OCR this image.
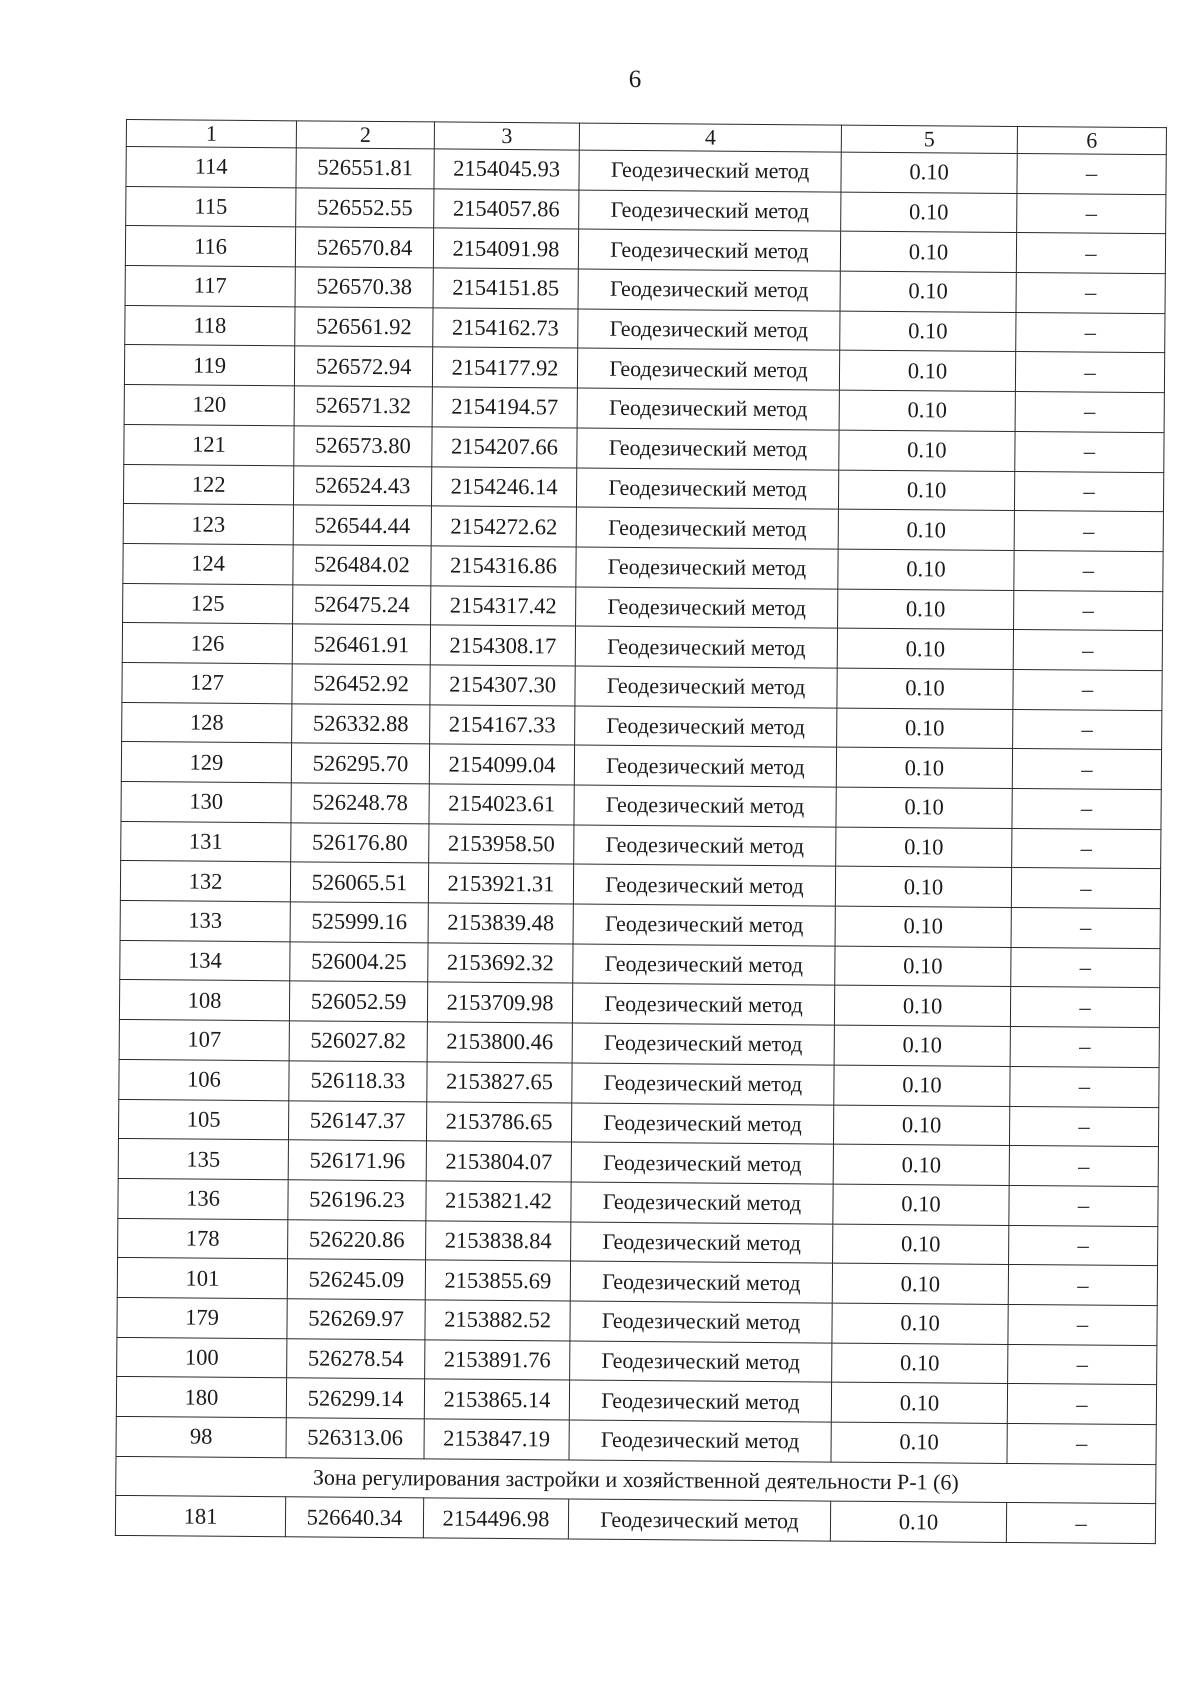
6
1	2	3	4	5	6
114	526551.81	2154045.93	Геодезический метод	0.10	–
115	526552.55	2154057.86	Геодезический метод	0.10	–
116	526570.84	2154091.98	Геодезический метод	0.10	–
117	526570.38	2154151.85	Геодезический метод	0.10	–
118	526561.92	2154162.73	Геодезический метод	0.10	–
119	526572.94	2154177.92	Геодезический метод	0.10	–
120	526571.32	2154194.57	Геодезический метод	0.10	–
121	526573.80	2154207.66	Геодезический метод	0.10	–
122	526524.43	2154246.14	Геодезический метод	0.10	–
123	526544.44	2154272.62	Геодезический метод	0.10	–
124	526484.02	2154316.86	Геодезический метод	0.10	–
125	526475.24	2154317.42	Геодезический метод	0.10	–
126	526461.91	2154308.17	Геодезический метод	0.10	–
127	526452.92	2154307.30	Геодезический метод	0.10	–
128	526332.88	2154167.33	Геодезический метод	0.10	–
129	526295.70	2154099.04	Геодезический метод	0.10	–
130	526248.78	2154023.61	Геодезический метод	0.10	–
131	526176.80	2153958.50	Геодезический метод	0.10	–
132	526065.51	2153921.31	Геодезический метод	0.10	–
133	525999.16	2153839.48	Геодезический метод	0.10	–
134	526004.25	2153692.32	Геодезический метод	0.10	–
108	526052.59	2153709.98	Геодезический метод	0.10	–
107	526027.82	2153800.46	Геодезический метод	0.10	–
106	526118.33	2153827.65	Геодезический метод	0.10	–
105	526147.37	2153786.65	Геодезический метод	0.10	–
135	526171.96	2153804.07	Геодезический метод	0.10	–
136	526196.23	2153821.42	Геодезический метод	0.10	–
178	526220.86	2153838.84	Геодезический метод	0.10	–
101	526245.09	2153855.69	Геодезический метод	0.10	–
179	526269.97	2153882.52	Геодезический метод	0.10	–
100	526278.54	2153891.76	Геодезический метод	0.10	–
180	526299.14	2153865.14	Геодезический метод	0.10	–
98	526313.06	2153847.19	Геодезический метод	0.10	–
Зона регулирования застройки и хозяйственной деятельности Р-1 (6)					
181	526640.34	2154496.98	Геодезический метод	0.10	–
